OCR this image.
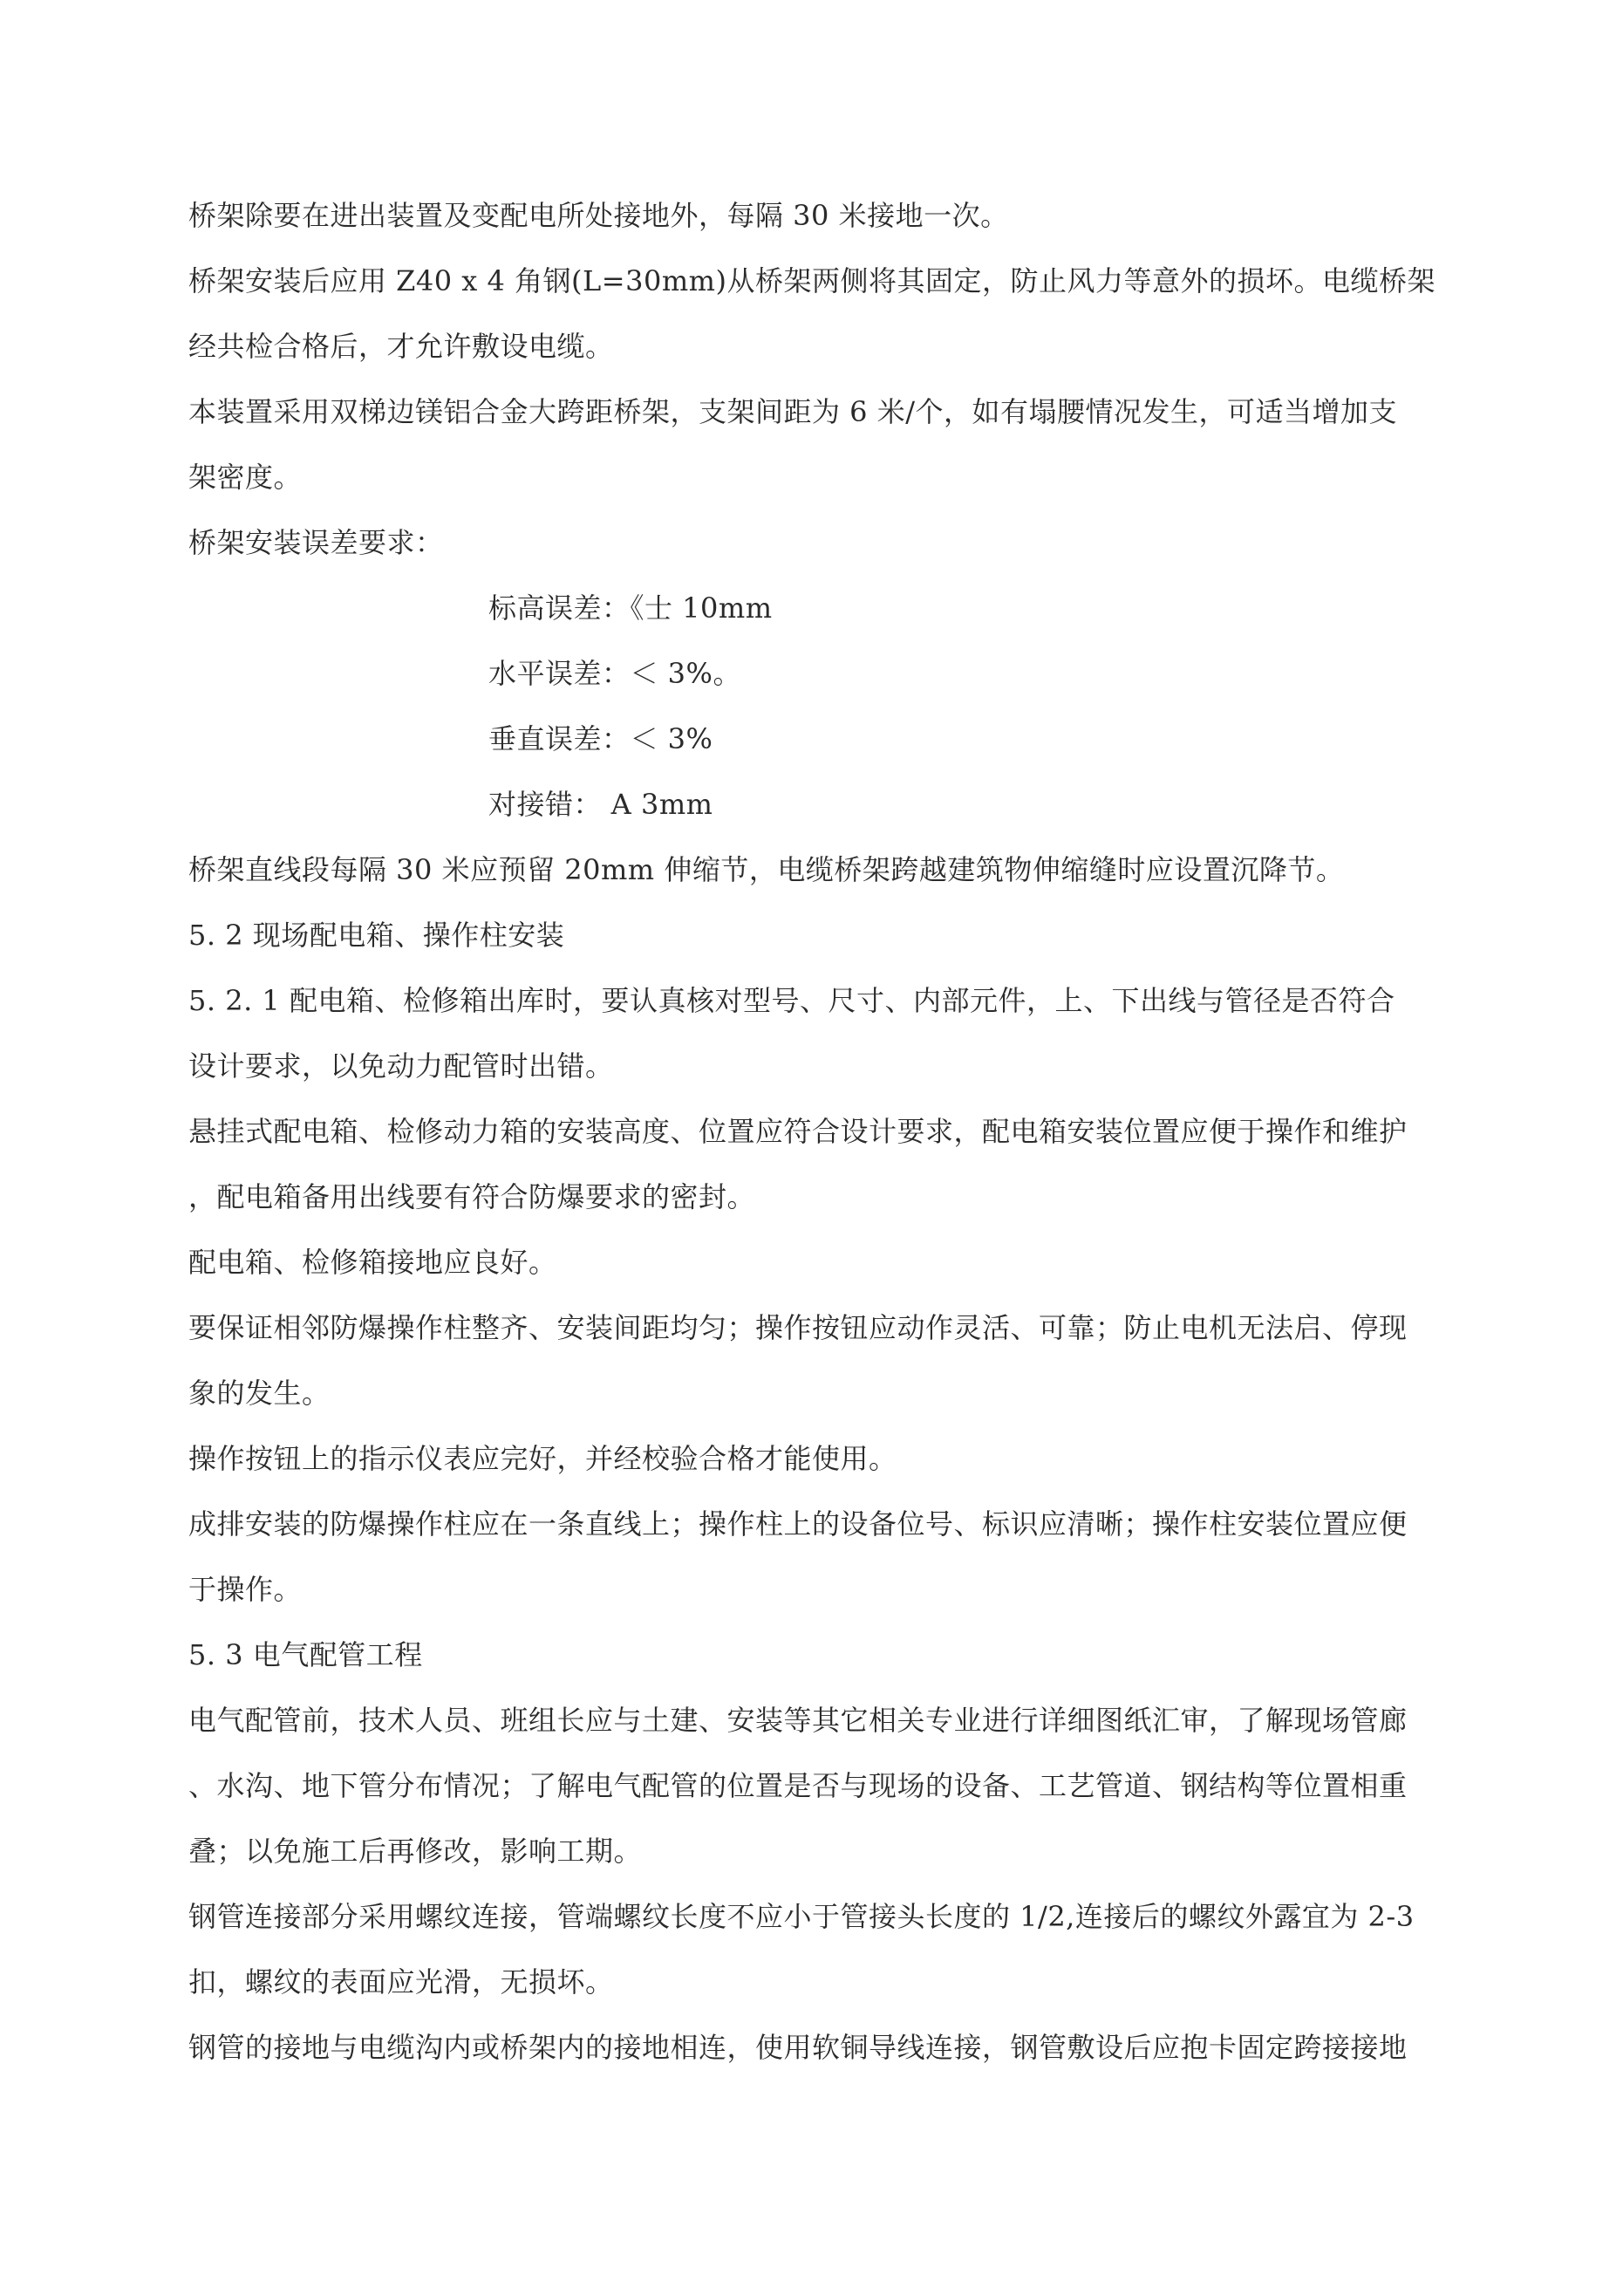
桥架除要在进出装置及变配电所处接地外，每隔 30 米接地一次。
桥架安装后应用 Z40 x 4 角钢(L=30mm)从桥架两侧将其固定，防止风力等意外的损坏。电缆桥架
经共检合格后，才允许敷设电缆。
本装置采用双梯边镁铝合金大跨距桥架，支架间距为 6 米/个，如有塌腰情况发生，可适当增加支
架密度。
桥架安装误差要求：
标高误差：《士 10mm
水平误差：＜ 3%。
垂直误差：＜ 3%
对接错： A 3mm
桥架直线段每隔 30 米应预留 20mm 伸缩节，电缆桥架跨越建筑物伸缩缝时应设置沉降节。
5. 2 现场配电箱、操作柱安装
5. 2. 1 配电箱、检修箱出库时，要认真核对型号、尺寸、内部元件，上、下出线与管径是否符合
设计要求，以免动力配管时出错。
悬挂式配电箱、检修动力箱的安装高度、位置应符合设计要求，配电箱安装位置应便于操作和维护
，配电箱备用出线要有符合防爆要求的密封。
配电箱、检修箱接地应良好。
要保证相邻防爆操作柱整齐、安装间距均匀；操作按钮应动作灵活、可靠；防止电机无法启、停现
象的发生。
操作按钮上的指示仪表应完好，并经校验合格才能使用。
成排安装的防爆操作柱应在一条直线上；操作柱上的设备位号、标识应清晰；操作柱安装位置应便
于操作。
5. 3 电气配管工程
电气配管前，技术人员、班组长应与土建、安装等其它相关专业进行详细图纸汇审，了解现场管廊
、水沟、地下管分布情况；了解电气配管的位置是否与现场的设备、工艺管道、钢结构等位置相重
叠；以免施工后再修改，影响工期。
钢管连接部分采用螺纹连接，管端螺纹长度不应小于管接头长度的 1/2,连接后的螺纹外露宜为 2-3
扣，螺纹的表面应光滑，无损坏。
钢管的接地与电缆沟内或桥架内的接地相连，使用软铜导线连接，钢管敷设后应抱卡固定跨接接地
